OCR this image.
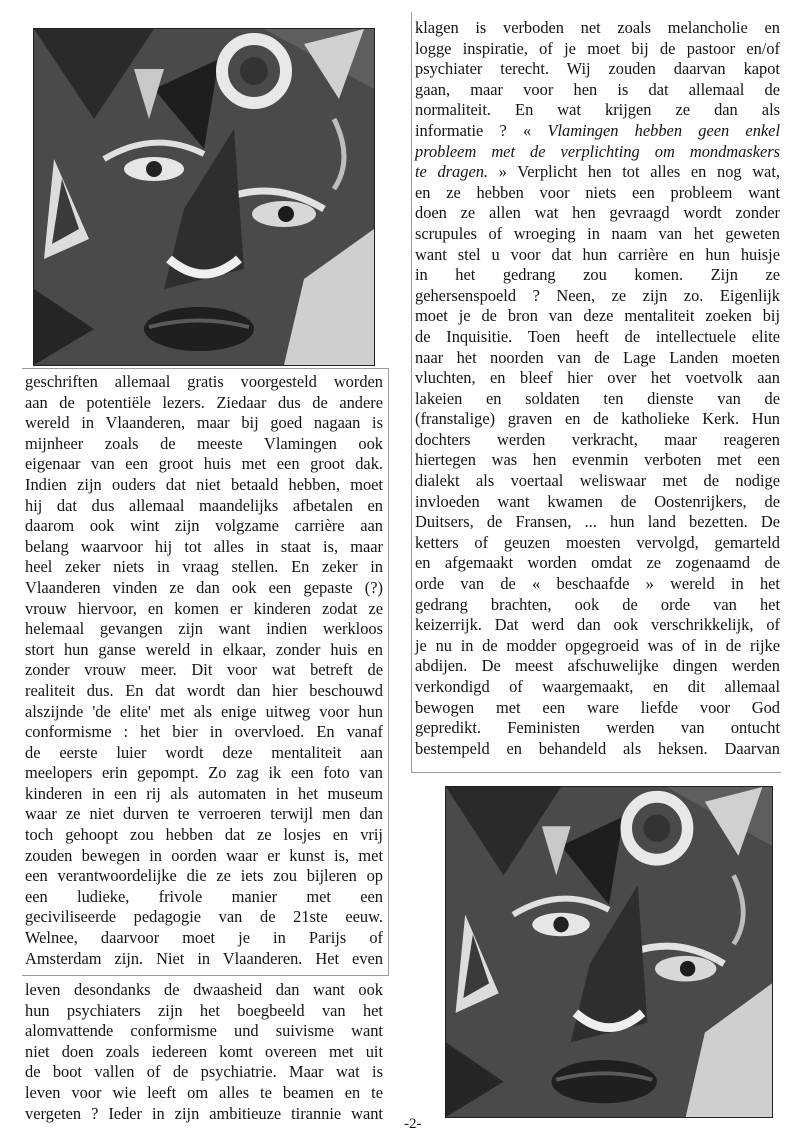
geschriften allemaal gratis voorgesteld worden

aan de potentiële lezers. Ziedaar dus de andere

wereld in Vlaanderen, maar bij goed nagaan is

mijnheer zoals de meeste Vlamingen ook

eigenaar van een groot huis met een groot dak.

Indien zijn ouders dat niet betaald hebben, moet

hij dat dus allemaal maandelijks afbetalen en

daarom ook wint zijn volgzame carrière aan

belang waarvoor hij tot alles in staat is, maar

heel zeker niets in vraag stellen. En zeker in

Vlaanderen vinden ze dan ook een gepaste (?)

vrouw hiervoor, en komen er kinderen zodat ze

helemaal gevangen zijn want indien werkloos

stort hun ganse wereld in elkaar, zonder huis en

zonder vrouw meer. Dit voor wat betreft de

realiteit dus. En dat wordt dan hier beschouwd

alszijnde 'de elite' met als enige uitweg voor hun

conformisme : het bier in overvloed. En vanaf

de eerste luier wordt deze mentaliteit aan

meelopers erin gepompt. Zo zag ik een foto van

kinderen in een rij als automaten in het museum

waar ze niet durven te verroeren terwijl men dan

toch gehoopt zou hebben dat ze losjes en vrij

zouden bewegen in oorden waar er kunst is, met

een verantwoordelijke die ze iets zou bijleren op

een ludieke, frivole manier met een

geciviliseerde pedagogie van de 21ste eeuw.

Welnee, daarvoor moet je in Parijs of

Amsterdam zijn. Niet in Vlaanderen. Het even

leven desondanks de dwaasheid dan want ook

hun psychiaters zijn het boegbeeld van het

alomvattende conformisme und suivisme want

niet doen zoals iedereen komt overeen met uit

de boot vallen of de psychiatrie. Maar wat is

leven voor wie leeft om alles te beamen en te

vergeten ? Ieder in zijn ambitieuze tirannie want

klagen is verboden net zoals melancholie en

logge inspiratie, of je moet bij de pastoor en/of

psychiater terecht. Wij zouden daarvan kapot

gaan, maar voor hen is dat allemaal de

normaliteit. En wat krijgen ze dan als

informatie ? « Vlamingen hebben geen enkel

probleem met de verplichting om mondmaskers

te dragen. » Verplicht hen tot alles en nog wat,

en ze hebben voor niets een probleem want

doen ze allen wat hen gevraagd wordt zonder

scrupules of wroeging in naam van het geweten

want stel u voor dat hun carrière en hun huisje

in het gedrang zou komen. Zijn ze

gehersenspoeld ? Neen, ze zijn zo. Eigenlijk

moet je de bron van deze mentaliteit zoeken bij

de Inquisitie. Toen heeft de intellectuele elite

naar het noorden van de Lage Landen moeten

vluchten, en bleef hier over het voetvolk aan

lakeien en soldaten ten dienste van de

(franstalige) graven en de katholieke Kerk. Hun

dochters werden verkracht, maar reageren

hiertegen was hen evenmin verboten met een

dialekt als voertaal weliswaar met de nodige

invloeden want kwamen de Oostenrijkers, de

Duitsers, de Fransen, ... hun land bezetten. De

ketters of geuzen moesten vervolgd, gemarteld

en afgemaakt worden omdat ze zogenaamd de

orde van de « beschaafde » wereld in het

gedrang brachten, ook de orde van het

keizerrijk. Dat werd dan ook verschrikkelijk, of

je nu in de modder opgegroeid was of in de rijke

abdijen. De meest afschuwelijke dingen werden

verkondigd of waargemaakt, en dit allemaal

bewogen met een ware liefde voor God

gepredikt. Feministen werden van ontucht

bestempeld en behandeld als heksen. Daarvan

-2-
